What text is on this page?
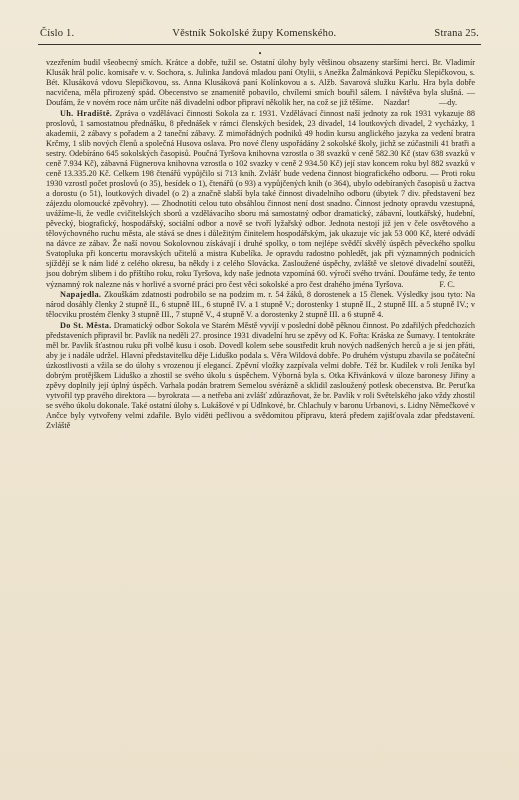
Číslo 1.	Věstník Sokolské župy Komenského.	Strana 25.
•

vzezřením budil všeobecný smích. Krátce a dobře, tužil se. Ostatní úlohy byly většinou obsazeny staršími herci. Br. Vladimír Klusák hrál polic. komisaře v. v. Sochora, s. Julinka Jandová mladou paní Otylii, s Anežka Žalmánková Pepičku Slepičkovou, s. Bét. Klusáková vdovu Slepičkovou, ss. Anna Klusáková paní Kolínkovou a s. Alžb. Savarová služku Karlu. Hra byla dobře nacvičena, měla přirozený spád. Obecenstvo se znamenitě pobavilo, chvílemi smích bouřil sálem. I návštěva byla slušná. — Doufám, že v novém roce nám určíte náš divadelní odbor připraví několik her, na což se již těšíme. Nazdar!	—dy.

Uh. Hradiště. Zpráva o vzdělávací činnosti Sokola za r. 1931. Vzdělávací činnost naší jednoty za rok 1931 vykazuje 88 proslovů, 1 samostatnou přednášku, 8 přednášek v rámci členských besídek, 23 divadel, 14 loutkových divadel, 2 vycházky, 1 akademii, 2 zábavy s pořadem a 2 taneční zábavy. Z mimořádných podniků 49 hodin kursu anglického jazyka za vedení bratra Krčmy, 1 slib nových členů a společná Husova oslava. Pro nové členy uspořádány 2 sokolské školy, jichž se zúčastnili 41 bratři a sestry. Odebíráno 645 sokolských časopisů. Poučná Tyršova knihovna vzrostla o 38 svazků v ceně 582.30 Kč (stav 638 svazků v ceně 7.934 Kč), zábavná Fügnerova knihovna vzrostla o 102 svazky v ceně 2 934.50 Kč) její stav koncem roku byl 882 svazků v ceně 13.335.20 Kč. Celkem 198 čtenářů vypůjčilo si 713 knih. Zvlášť bude vedena činnost biografického odboru. — Proti roku 1930 vzrostl počet proslovů (o 35), besídek o 1), čtenářů (o 93) a vypůjčených knih (o 364), ubylo odebíraných časopisů u žactva a dorostu (o 51), loutkových divadel (o 2) a značně slabší byla také činnost divadelního odboru (úbytek 7 div. představení bez zájezdu olomoucké zpěvohry). — Zhodnotíti celou tuto obsáhlou činnost není dost snadno. Činnost jednoty opravdu vzestupná, uvážíme-li, že vedle cvičitelských sborů a vzdělávacího sboru má samostatný odbor dramatický, zábavní, loutkářský, hudební, pěvecký, biografický, hospodářský, sociální odbor a nově se tvoří lyžařský odbor. Jednota nestojí již jen v čele osvětového a tělovýchovného ruchu města, ale stává se dnes i důležitým činitelem hospodářským, jak ukazuje víc jak 53 000 Kč, které odvádí na dávce ze zábav. Že naší novou Sokolovnou získávají i druhé spolky, o tom nejlépe svědčí skvělý úspěch pěveckého spolku Svatopluka při koncertu moravských učitelů a mistra Kubelíka. Je opravdu radostno pohledět, jak při významných podnicích sjíždějí se k nám lidé z celého okresu, ba někdy i z celého Slovácka. Zasloužené úspěchy, zvláště ve sletové divadelní soutěži, jsou dobrým slibem i do příštího roku, roku Tyršova, kdy naše jednota vzpomíná 60. výročí svého trvání. Doufáme tedy, že tento významný rok nalezne nás v horlivé a svorné práci pro čest věci sokolské a pro čest drahého jména Tyršova.	F. C.

Napajedla. Zkouškám zdatnosti podrobilo se na podzim m. r. 54 žáků, 8 dorostenek a 15 členek. Výsledky jsou tyto: Na národ dosáhly členky 2 stupně II., 6 stupně III., 6 stupně IV. a 1 stupně V.; dorostenky 1 stupně II., 2 stupně III. a 5 stupně IV.; v tělocviku prostém členky 3 stupně III., 7 stupně V., 4 stupně V. a dorostenky 2 stupně III. a 6 stupně 4.

Do St. Města. Dramatický odbor Sokola ve Starém Městě vyvíjí v poslední době pěknou činnost. Po zdařilých předchozích představeních připravil br. Pavlík na neděli 27. prosince 1931 divadelní hru se zpěvy od K. Fořta: Kráska ze Šumavy. I tentokráte měl br. Pavlík šťastnou ruku při volbě kusu i osob. Dovedl kolem sebe soustředit kruh nových nadšených herců a je si jen přáti, aby je i nadále udržel. Hlavní představitelku děje Liduško podala s. Věra Wildová dobře. Po druhém výstupu zbavila se počáteční úzkostlivosti a vžila se do úlohy s vrozenou jí elegancí. Zpěvní vložky zazpívala velmi dobře. Též br. Kudílek v roli Jeníka byl dobrým protějškem Liduško a zhostil se svého úkolu s úspěchem. Výborná byla s. Otka Křivánková v úloze baronesy Jiřiny a zpěvy doplnily její úplný úspěch. Varhala podán bratrem Semelou svérázně a sklidil zasloužený potlesk obecenstva. Br. Peruťka vytvořil typ pravého direktora — byrokrata — a netřeba ani zvlášť zdůrazňovat, že br. Pavlík v roli Světelského jako vždy zhostil se svého úkolu dokonale. Také ostatní úlohy s. Lukášové v pí Udlnkové, br. Chlachuly v baronu Urbanovi, s. Lidny Němečkové v Ančce byly vytvořeny velmi zdařile. Bylo viděti pečlivou a svědomitou přípravu, která předem zajišťovala zdar představení. Zvláště
